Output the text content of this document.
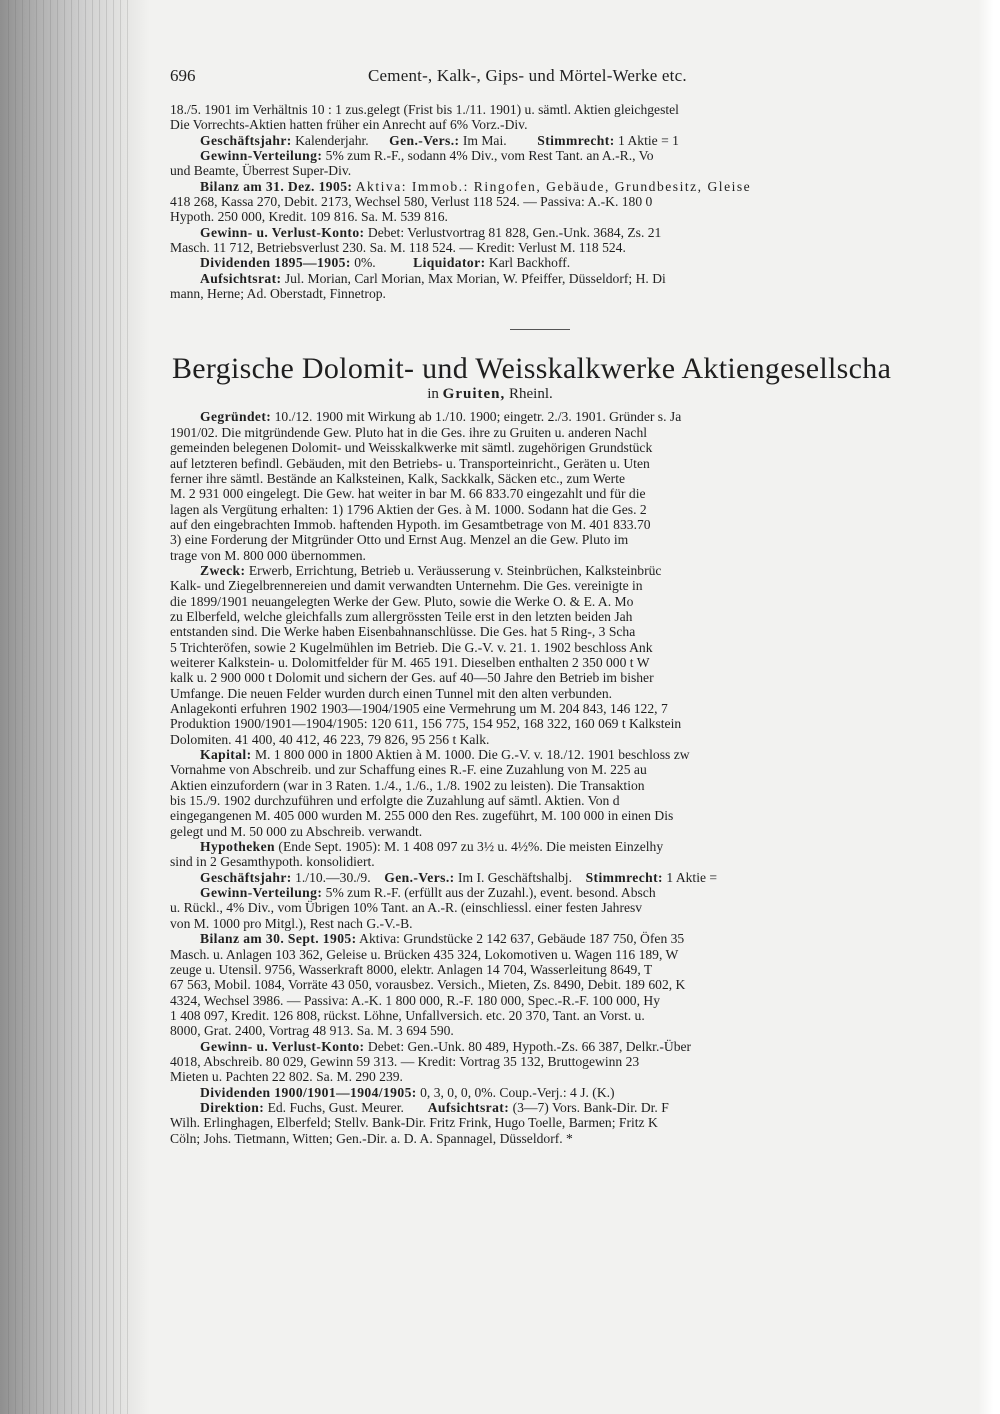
696	Cement-, Kalk-, Gips- und Mörtel-Werke etc.

18./5. 1901 im Verhältnis 10 : 1 zus.gelegt (Frist bis 1./11. 1901) u. sämtl. Aktien gleichgestel
Die Vorrechts-Aktien hatten früher ein Anrecht auf 6% Vorz.-Div.

Geschäftsjahr: Kalenderjahr. Gen.-Vers.: Im Mai. Stimmrecht: 1 Aktie = 1

Gewinn-Verteilung: 5% zum R.-F., sodann 4% Div., vom Rest Tant. an A.-R., Vo
und Beamte, Überrest Super-Div.

Bilanz am 31. Dez. 1905: Aktiva: Immob.: Ringofen, Gebäude, Grundbesitz, Gleise
418 268, Kassa 270, Debit. 2173, Wechsel 580, Verlust 118 524. — Passiva: A.-K. 180 0
Hypoth. 250 000, Kredit. 109 816. Sa. M. 539 816.

Gewinn- u. Verlust-Konto: Debet: Verlustvortrag 81 828, Gen.-Unk. 3684, Zs. 21
Masch. 11 712, Betriebsverlust 230. Sa. M. 118 524. — Kredit: Verlust M. 118 524.

Dividenden 1895—1905: 0%.	Liquidator: Karl Backhoff.

Aufsichtsrat: Jul. Morian, Carl Morian, Max Morian, W. Pfeiffer, Düsseldorf; H. Di
mann, Herne; Ad. Oberstadt, Finnetrop.

Bergische Dolomit- und Weisskalkwerke Aktiengesellscha
in Gruiten, Rheinl.

Gegründet: 10./12. 1900 mit Wirkung ab 1./10. 1900; eingetr. 2./3. 1901. Gründer s. Ja
1901/02. Die mitgründende Gew. Pluto hat in die Ges. ihre zu Gruiten u. anderen Nachl
gemeinden belegenen Dolomit- und Weisskalkwerke mit sämtl. zugehörigen Grundstück
auf letzteren befindl. Gebäuden, mit den Betriebs- u. Transporteinricht., Geräten u. Uten
ferner ihre sämtl. Bestände an Kalksteinen, Kalk, Sackkalk, Säcken etc., zum Werte
M. 2 931 000 eingelegt. Die Gew. hat weiter in bar M. 66 833.70 eingezahlt und für die
lagen als Vergütung erhalten: 1) 1796 Aktien der Ges. à M. 1000. Sodann hat die Ges. 2
auf den eingebrachten Immob. haftenden Hypoth. im Gesamtbetrage von M. 401 833.70
3) eine Forderung der Mitgründer Otto und Ernst Aug. Menzel an die Gew. Pluto im
trage von M. 800 000 übernommen.

Zweck: Erwerb, Errichtung, Betrieb u. Veräusserung v. Steinbrüchen, Kalksteinbrüc
Kalk- und Ziegelbrennereien und damit verwandten Unternehm. Die Ges. vereinigte in
die 1899/1901 neuangelegten Werke der Gew. Pluto, sowie die Werke O. & E. A. Mo
zu Elberfeld, welche gleichfalls zum allergrössten Teile erst in den letzten beiden Jah
entstanden sind. Die Werke haben Eisenbahnanschlüsse. Die Ges. hat 5 Ring-, 3 Scha
5 Trichteröfen, sowie 2 Kugelmühlen im Betrieb. Die G.-V. v. 21. 1. 1902 beschloss Ank
weiterer Kalkstein- u. Dolomitfelder für M. 465 191. Dieselben enthalten 2 350 000 t W
kalk u. 2 900 000 t Dolomit und sichern der Ges. auf 40—50 Jahre den Betrieb im bisher
Umfange. Die neuen Felder wurden durch einen Tunnel mit den alten verbunden.
Anlagekonti erfuhren 1902 1903—1904/1905 eine Vermehrung um M. 204 843, 146 122, 7
Produktion 1900/1901—1904/1905: 120 611, 156 775, 154 952, 168 322, 160 069 t Kalkstein
Dolomiten. 41 400, 40 412, 46 223, 79 826, 95 256 t Kalk.

Kapital: M. 1 800 000 in 1800 Aktien à M. 1000. Die G.-V. v. 18./12. 1901 beschloss zw
Vornahme von Abschreib. und zur Schaffung eines R.-F. eine Zuzahlung von M. 225 au
Aktien einzufordern (war in 3 Raten. 1./4., 1./6., 1./8. 1902 zu leisten). Die Transaktion
bis 15./9. 1902 durchzuführen und erfolgte die Zuzahlung auf sämtl. Aktien. Von d
eingegangenen M. 405 000 wurden M. 255 000 den Res. zugeführt, M. 100 000 in einen Dis
gelegt und M. 50 000 zu Abschreib. verwandt.

Hypotheken (Ende Sept. 1905): M. 1 408 097 zu 3½ u. 4½%. Die meisten Einzelhy
sind in 2 Gesamthypoth. konsolidiert.

Geschäftsjahr: 1./10.—30./9. Gen.-Vers.: Im I. Geschäftshalbj. Stimmrecht: 1 Aktie =

Gewinn-Verteilung: 5% zum R.-F. (erfüllt aus der Zuzahl.), event. besond. Absch
u. Rückl., 4% Div., vom Übrigen 10% Tant. an A.-R. (einschliessl. einer festen Jahresv
von M. 1000 pro Mitgl.), Rest nach G.-V.-B.

Bilanz am 30. Sept. 1905: Aktiva: Grundstücke 2 142 637, Gebäude 187 750, Öfen 35
Masch. u. Anlagen 103 362, Geleise u. Brücken 435 324, Lokomotiven u. Wagen 116 189, W
zeuge u. Utensil. 9756, Wasserkraft 8000, elektr. Anlagen 14 704, Wasserleitung 8649, T
67 563, Mobil. 1084, Vorräte 43 050, vorausbez. Versich., Mieten, Zs. 8490, Debit. 189 602, K
4324, Wechsel 3986. — Passiva: A.-K. 1 800 000, R.-F. 180 000, Spec.-R.-F. 100 000, Hy
1 408 097, Kredit. 126 808, rückst. Löhne, Unfallversich. etc. 20 370, Tant. an Vorst. u.
8000, Grat. 2400, Vortrag 48 913. Sa. M. 3 694 590.

Gewinn- u. Verlust-Konto: Debet: Gen.-Unk. 80 489, Hypoth.-Zs. 66 387, Delkr.-Über
4018, Abschreib. 80 029, Gewinn 59 313. — Kredit: Vortrag 35 132, Bruttogewinn 23
Mieten u. Pachten 22 802. Sa. M. 290 239.

Dividenden 1900/1901—1904/1905: 0, 3, 0, 0, 0%. Coup.-Verj.: 4 J. (K.)

Direktion: Ed. Fuchs, Gust. Meurer. Aufsichtsrat: (3—7) Vors. Bank-Dir. Dr. F
Wilh. Erlinghagen, Elberfeld; Stellv. Bank-Dir. Fritz Frink, Hugo Toelle, Barmen; Fritz K
Cöln; Johs. Tietmann, Witten; Gen.-Dir. a. D. A. Spannagel, Düsseldorf. *
